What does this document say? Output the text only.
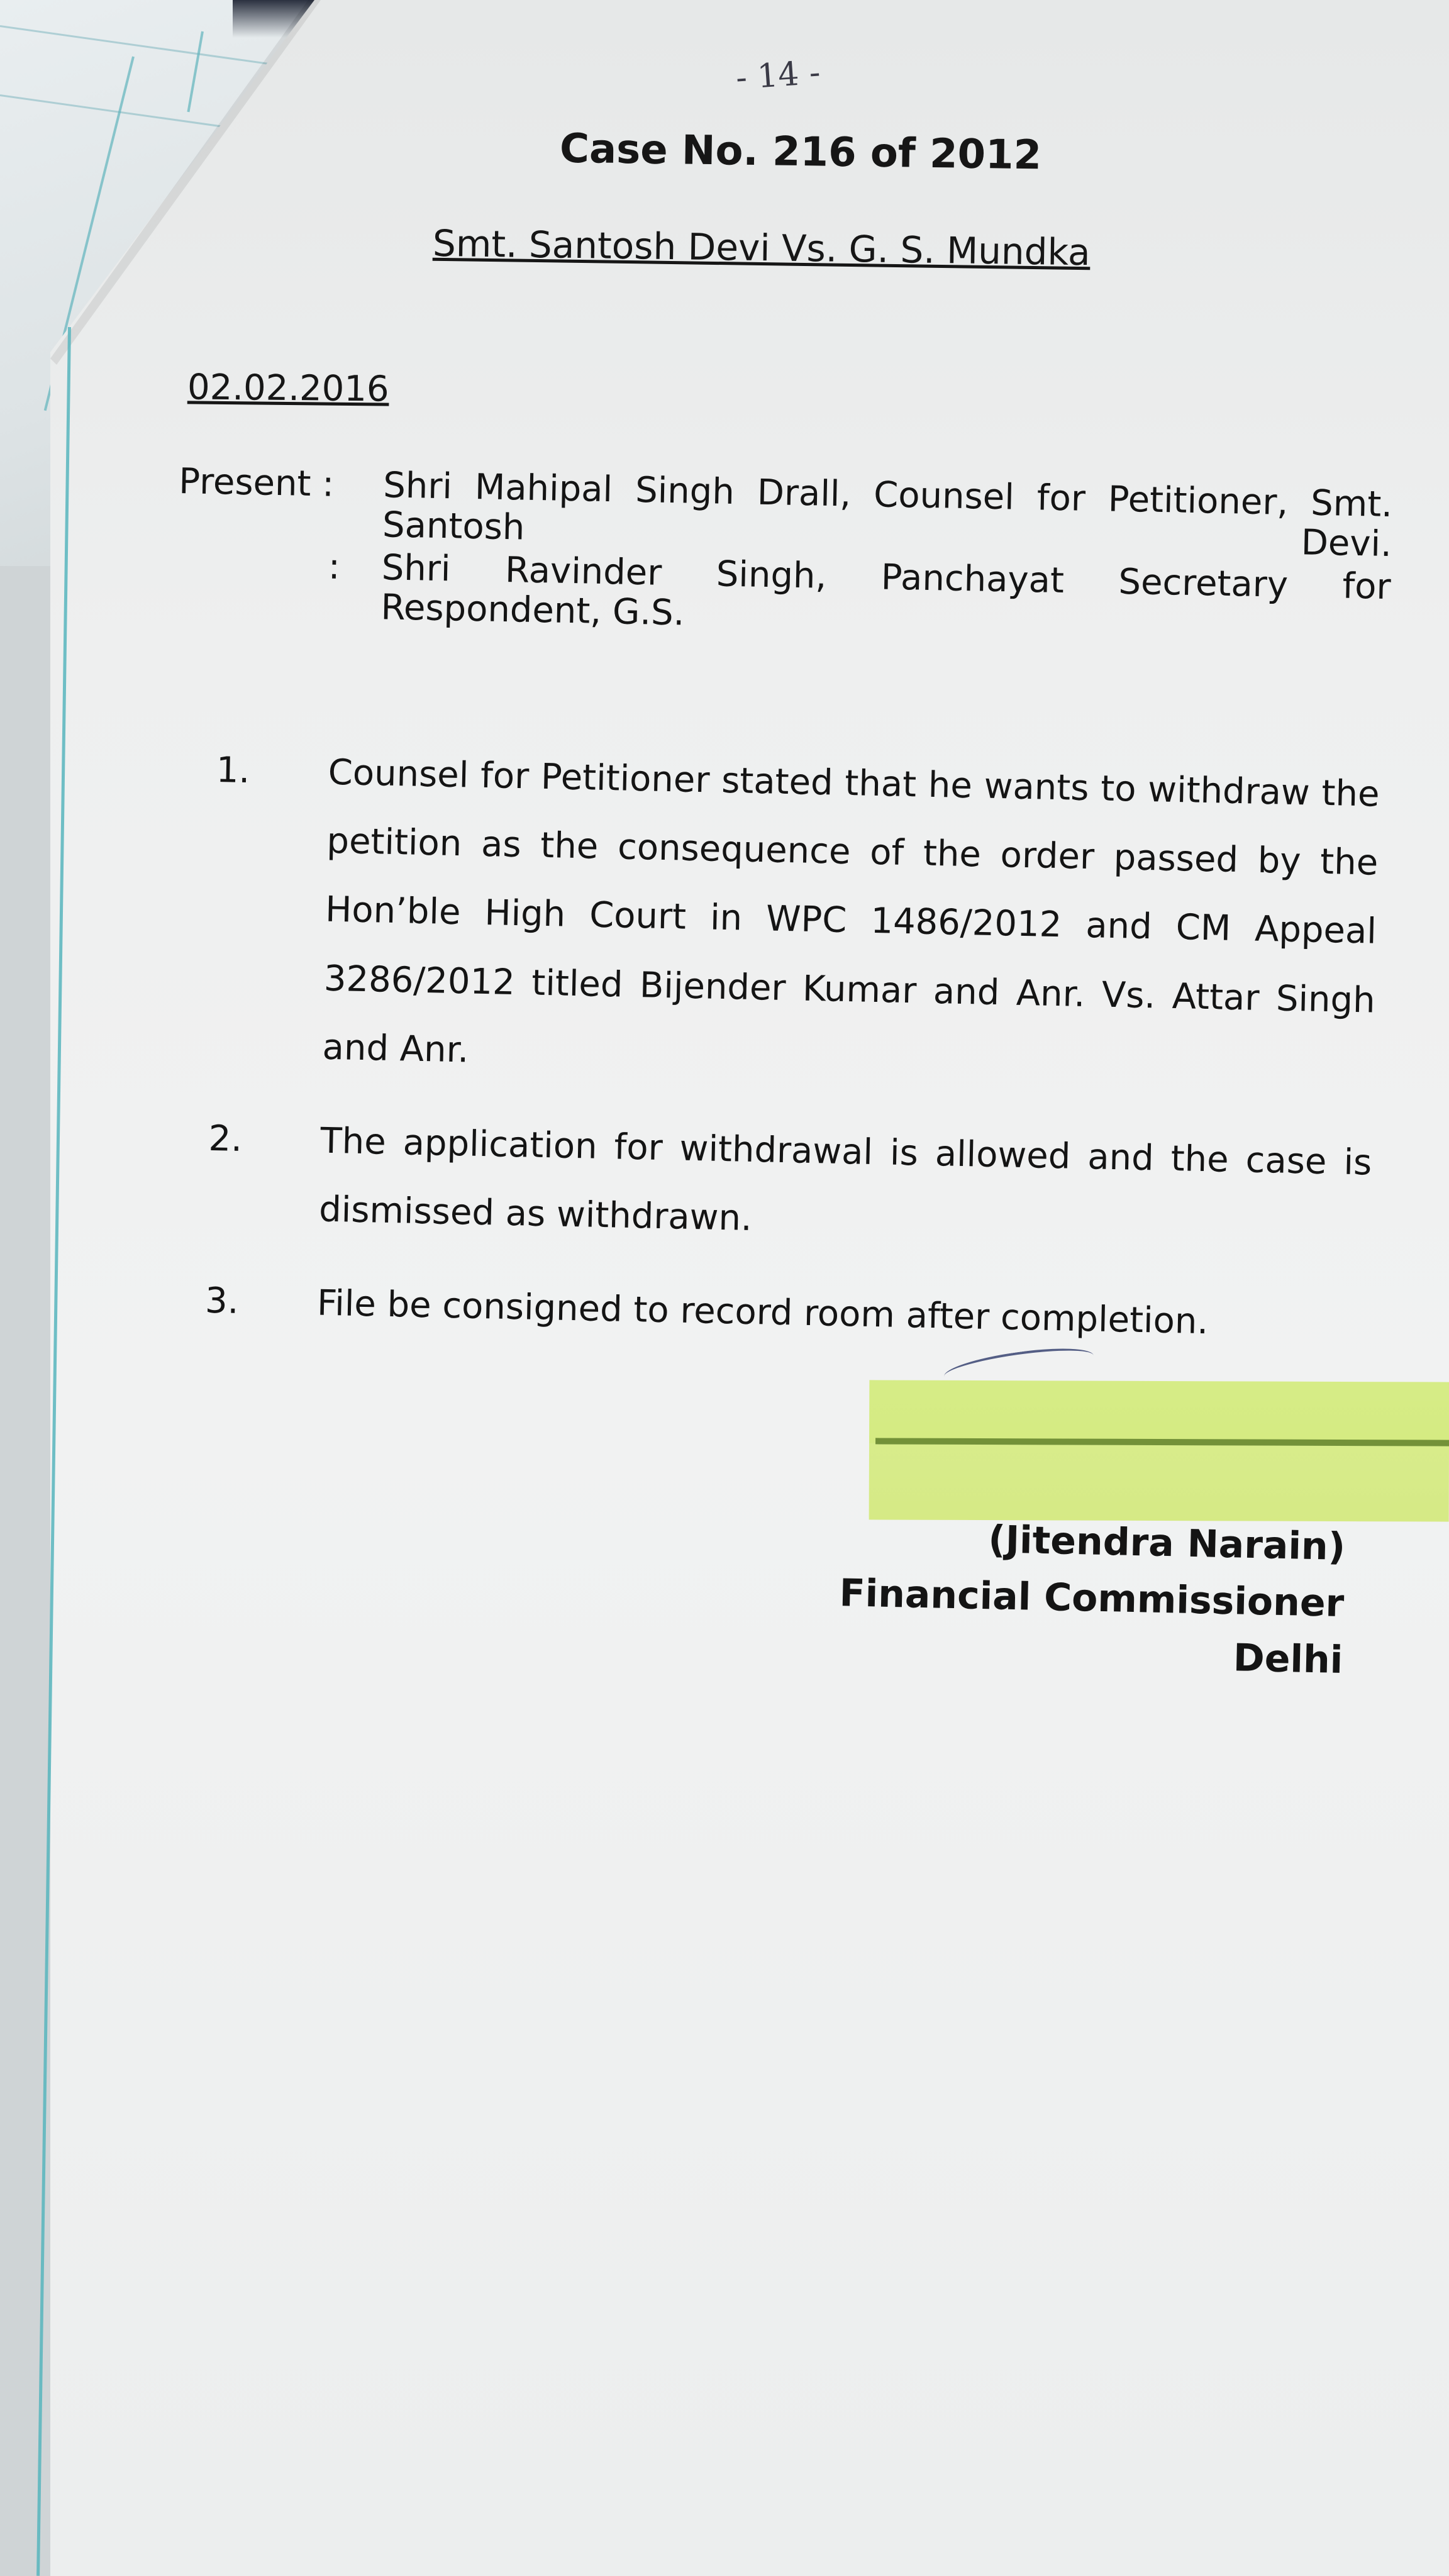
- 14 -
Case No. 216 of 2012
Smt. Santosh Devi Vs. G. S. Mundka
02.02.2016
Present :	Shri Mahipal Singh Drall, Counsel for Petitioner, Smt. Santosh Devi.
:	Shri Ravinder Singh, Panchayat Secretary for Respondent, G.S.
1.	Counsel for Petitioner stated that he wants to withdraw the petition as the consequence of the order passed by the Hon’ble High Court in WPC 1486/2012 and CM Appeal 3286/2012 titled Bijender Kumar and Anr. Vs. Attar Singh and Anr.
2.	The application for withdrawal is allowed and the case is dismissed as withdrawn.
3.	File be consigned to record room after completion.
(Jitendra Narain)
Financial Commissioner
Delhi
